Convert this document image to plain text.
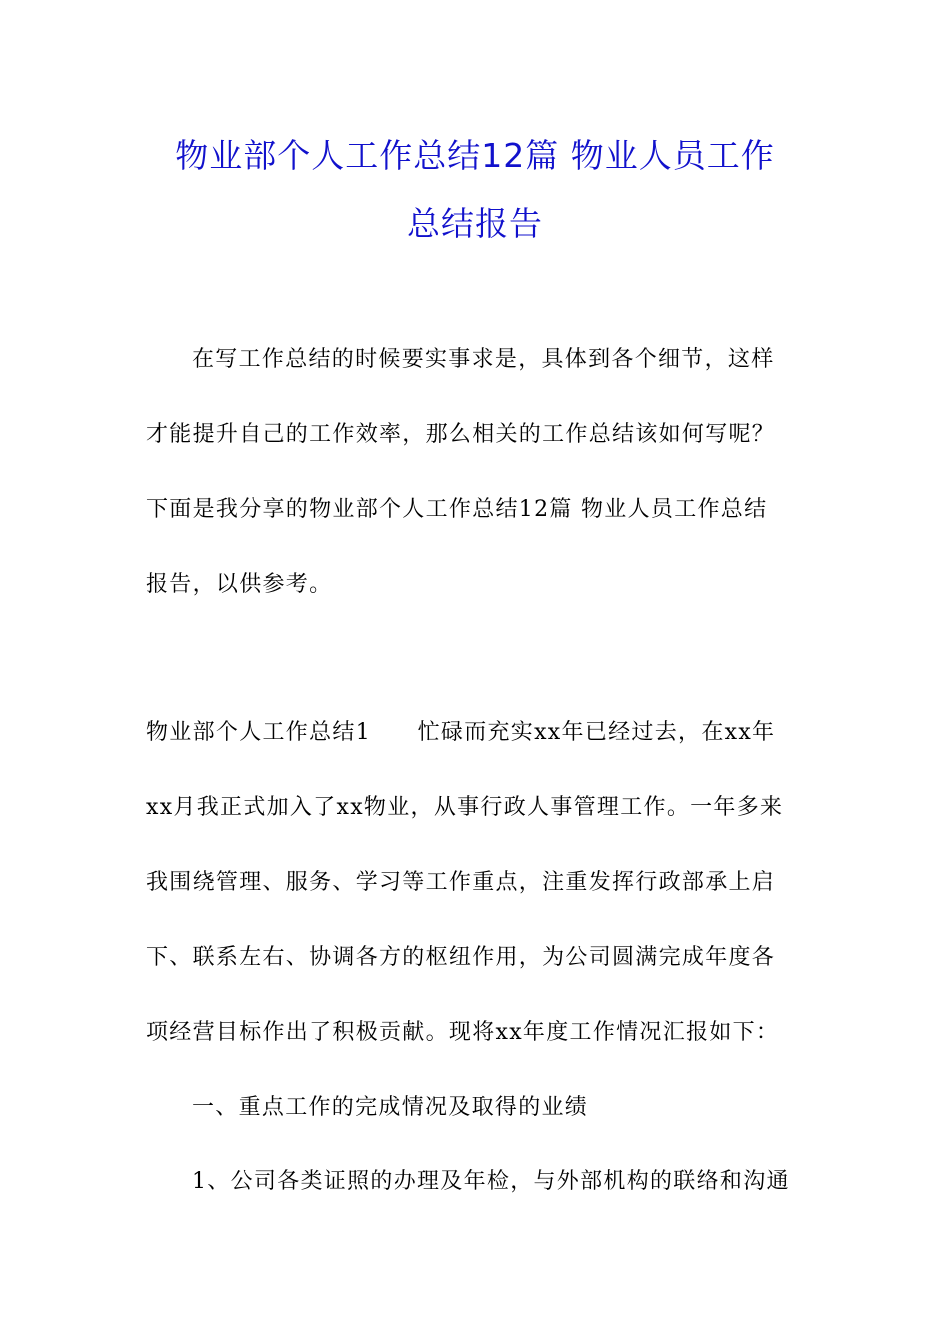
物业部个人工作总结12篇 物业人员工作
总结报告
在写工作总结的时候要实事求是，具体到各个细节，这样
才能提升自己的工作效率，那么相关的工作总结该如何写呢？
下面是我分享的物业部个人工作总结12篇 物业人员工作总结
报告，以供参考。
物业部个人工作总结1　　忙碌而充实xx年已经过去，在xx年
xx月我正式加入了xx物业，从事行政人事管理工作。一年多来
我围绕管理、服务、学习等工作重点，注重发挥行政部承上启
下、联系左右、协调各方的枢纽作用，为公司圆满完成年度各
项经营目标作出了积极贡献。现将xx年度工作情况汇报如下：
一、重点工作的完成情况及取得的业绩
1、公司各类证照的办理及年检，与外部机构的联络和沟通
